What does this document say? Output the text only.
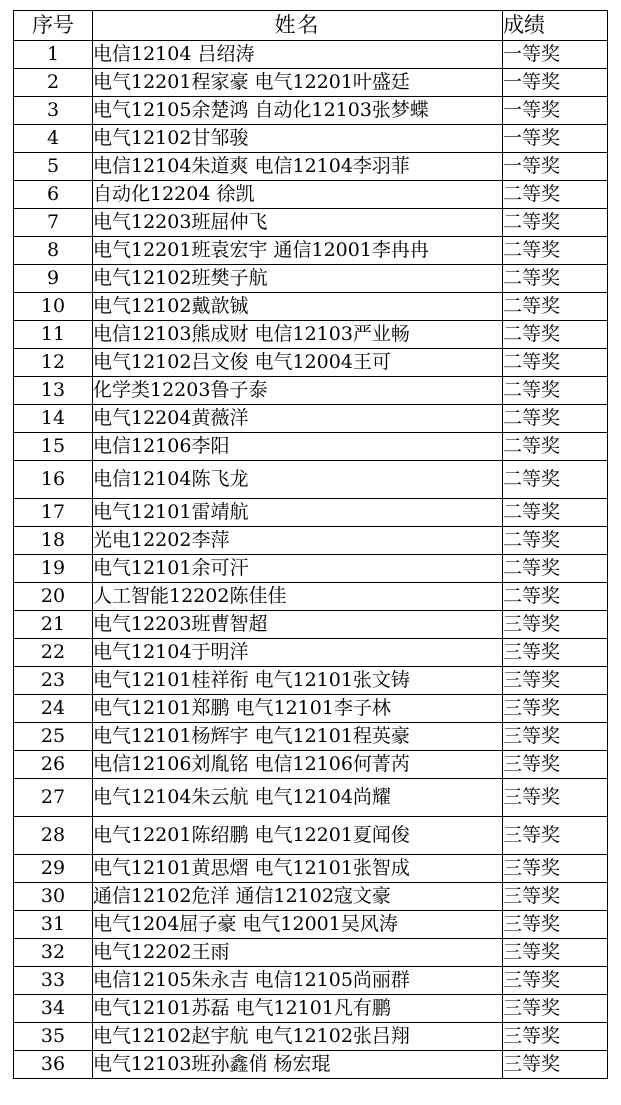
序号	姓名	成绩
1	电信12104 吕绍涛	一等奖
2	电气12201程家豪 电气12201叶盛廷	一等奖
3	电气12105余楚鸿 自动化12103张梦蝶	一等奖
4	电气12102甘邹骏	一等奖
5	电信12104朱道爽 电信12104李羽菲	一等奖
6	自动化12204 徐凯	二等奖
7	电气12203班屈仲飞	二等奖
8	电气12201班袁宏宇 通信12001李冉冉	二等奖
9	电气12102班樊子航	二等奖
10	电气12102戴歆铖	二等奖
11	电信12103熊成财 电信12103严业畅	二等奖
12	电气12102吕文俊 电气12004王可	二等奖
13	化学类12203鲁子泰	二等奖
14	电气12204黄薇洋	二等奖
15	电信12106李阳	二等奖
16	电信12104陈飞龙	二等奖
17	电气12101雷靖航	二等奖
18	光电12202李萍	二等奖
19	电气12101余可汗	二等奖
20	人工智能12202陈佳佳	二等奖
21	电气12203班曹智超	三等奖
22	电气12104于明洋	三等奖
23	电气12101桂祥衔 电气12101张文铸	三等奖
24	电气12101郑鹏 电气12101李子林	三等奖
25	电气12101杨辉宇 电气12101程英豪	三等奖
26	电信12106刘胤铭 电信12106何菁芮	三等奖
27	电气12104朱云航 电气12104尚耀	三等奖
28	电气12201陈绍鹏 电气12201夏闻俊	三等奖
29	电气12101黄思熠 电气12101张智成	三等奖
30	通信12102危洋 通信12102寇文豪	三等奖
31	电气1204屈子豪 电气12001吴风涛	三等奖
32	电气12202王雨	三等奖
33	电信12105朱永吉 电信12105尚丽群	三等奖
34	电气12101苏磊 电气12101凡有鹏	三等奖
35	电气12102赵宇航 电气12102张吕翔	三等奖
36	电气12103班孙鑫俏 杨宏琨	三等奖
